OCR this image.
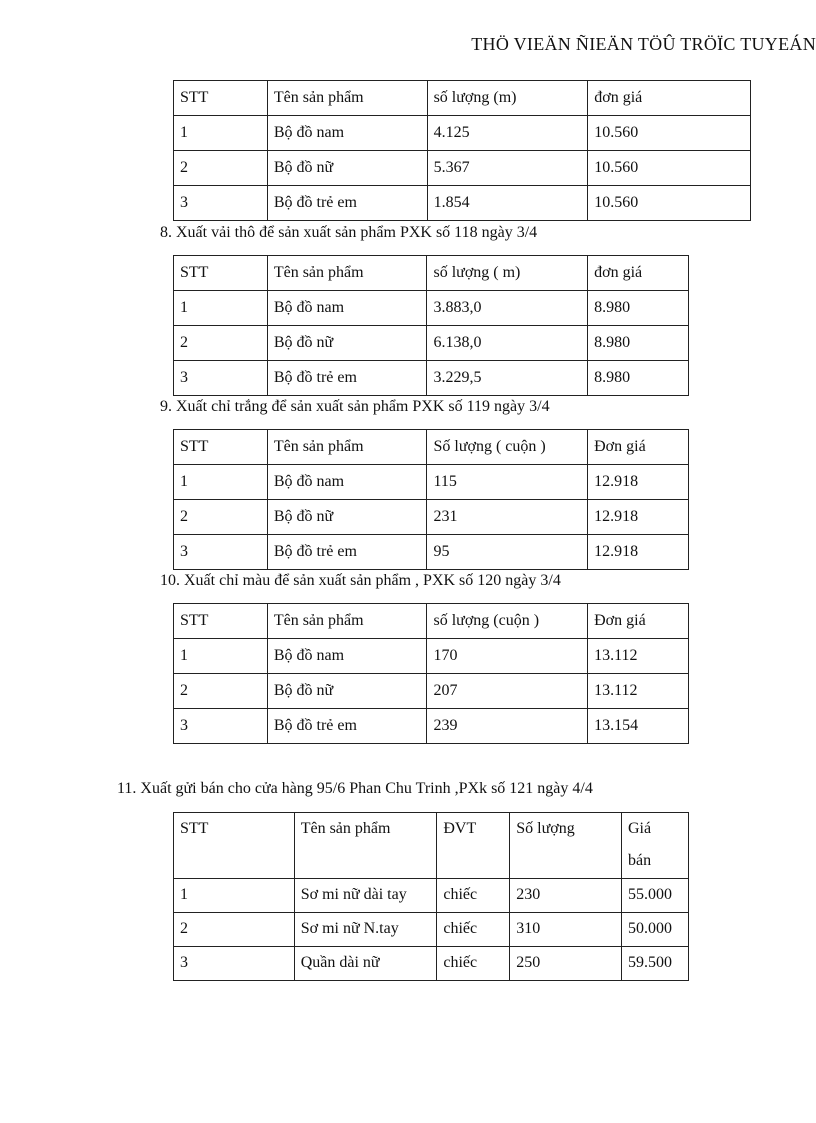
THÖ VIEÄN ÑIEÄN TÖÛ TRÖÏC TUYEÁN
STT	Tên sản phẩm	số lượng (m)	đơn giá
1	Bộ đồ nam	4.125	10.560
2	Bộ đồ nữ	5.367	10.560
3	Bộ đồ trẻ em	1.854	10.560
8. Xuất vải thô để sản xuất sản phẩm PXK số 118 ngày 3/4
STT	Tên sản phẩm	số lượng ( m)	đơn giá
1	Bộ đồ nam	3.883,0	8.980
2	Bộ đồ nữ	6.138,0	8.980
3	Bộ đồ trẻ em	3.229,5	8.980
9. Xuất chỉ trắng để sản xuất sản phẩm PXK số 119 ngày 3/4
STT	Tên sản phẩm	Số lượng ( cuộn )	Đơn giá
1	Bộ đồ nam	115	12.918
2	Bộ đồ nữ	231	12.918
3	Bộ đồ trẻ em	95	12.918
10. Xuất chỉ màu để sản xuất sản phẩm , PXK số 120 ngày 3/4
STT	Tên sản phẩm	số lượng (cuộn )	Đơn giá
1	Bộ đồ nam	170	13.112
2	Bộ đồ nữ	207	13.112
3	Bộ đồ trẻ em	239	13.154
11. Xuất gửi bán cho cửa hàng 95/6 Phan Chu Trinh ,PXk số 121 ngày 4/4
STT	Tên sản phẩm	ĐVT	Số lượng	Giá
bán

1	Sơ mi nữ dài tay	chiếc	230	55.000
2	Sơ mi nữ N.tay	chiếc	310	50.000
3	Quần dài nữ	chiếc	250	59.500
